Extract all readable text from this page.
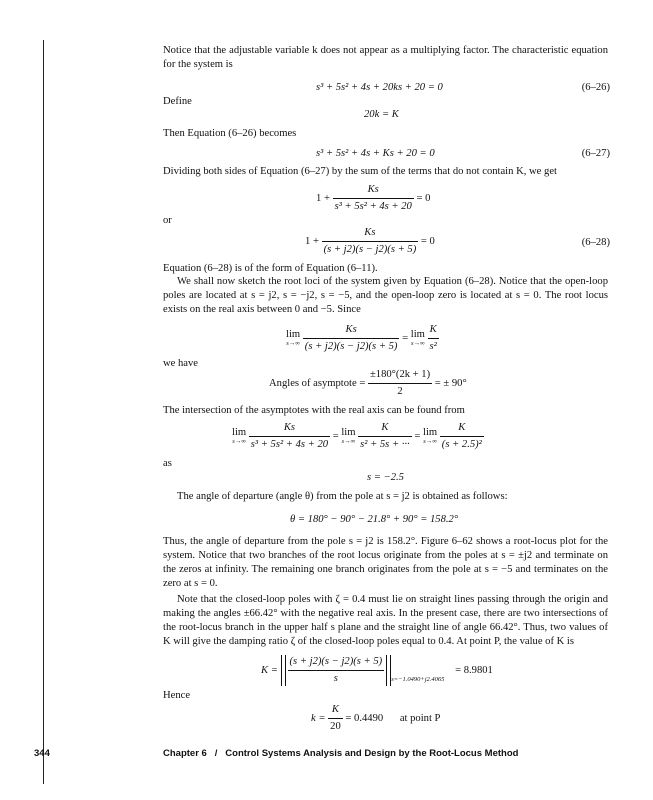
Notice that the adjustable variable k does not appear as a multiplying factor. The characteristic equation for the system is
s³ + 5s² + 4s + 20ks + 20 = 0	(6–26)
Define
20k = K
Then Equation (6–26) becomes
s³ + 5s² + 4s + Ks + 20 = 0	(6–27)
Dividing both sides of Equation (6–27) by the sum of the terms that do not contain K, we get
$1 + \frac{Ks}{\text{s³ + 5s² + 4s + 20}} = 0$
or
$1 + \frac{Ks}{(s + j2)(s - j2)(s + 5)} = 0$	(6–28)
Equation (6–28) is of the form of Equation (6–11).
We shall now sketch the root loci of the system given by Equation (6–28). Notice that the open-loop poles are located at s = j2, s = −j2, s = −5, and the open-loop zero is located at s = 0. The root locus exists on the real axis between 0 and −5. Since
lim
s→∞
$\frac{Ks}{(s + j2)(s - j2)(s + 5)} = \lim$
s→∞
$\frac{K}{\text{s²}}$
we have
Angles of asymptote = $\frac{\pm 180^\circ(2k + 1)}{2}$ = ± 90°
The intersection of the asymptotes with the real axis can be found from
lim
s→∞
$\frac{Ks}{\text{s³ + 5s² + 4s + 20}} = \lim$
s→∞
$\frac{K}{\text{s² + 5s + ···}} = \lim$
s→∞
$\frac{K}{\text{(s + 2.5)²}}$
as
s = −2.5
The angle of departure (angle θ) from the pole at s = j2 is obtained as follows:
θ = 180° − 90° − 21.8° + 90° = 158.2°
Thus, the angle of departure from the pole s = j2 is 158.2°. Figure 6–62 shows a root-locus plot for the system. Notice that two branches of the root locus originate from the poles at s = ±j2 and terminate on the zeros at infinity. The remaining one branch originates from the pole at s = −5 and terminates on the zero at s = 0.
Note that the closed-loop poles with ζ = 0.4 must lie on straight lines passing through the origin and making the angles ±66.42° with the negative real axis. In the present case, there are two intersections of the root-locus branch in the upper half s plane and the straight line of angle 66.42°. Thus, two values of K will give the damping ratio ζ of the closed-loop poles equal to 0.4. At point P, the value of K is
$K = \frac{(s + j2)(s - j2)(s + 5)}{s} _{s=-1.0490+j2.4065} = 8.9801$
Hence
$k = \frac{K}{20} = 0.4490$ at point P
344	Chapter 6   /   Control Systems Analysis and Design by the Root-Locus Method
